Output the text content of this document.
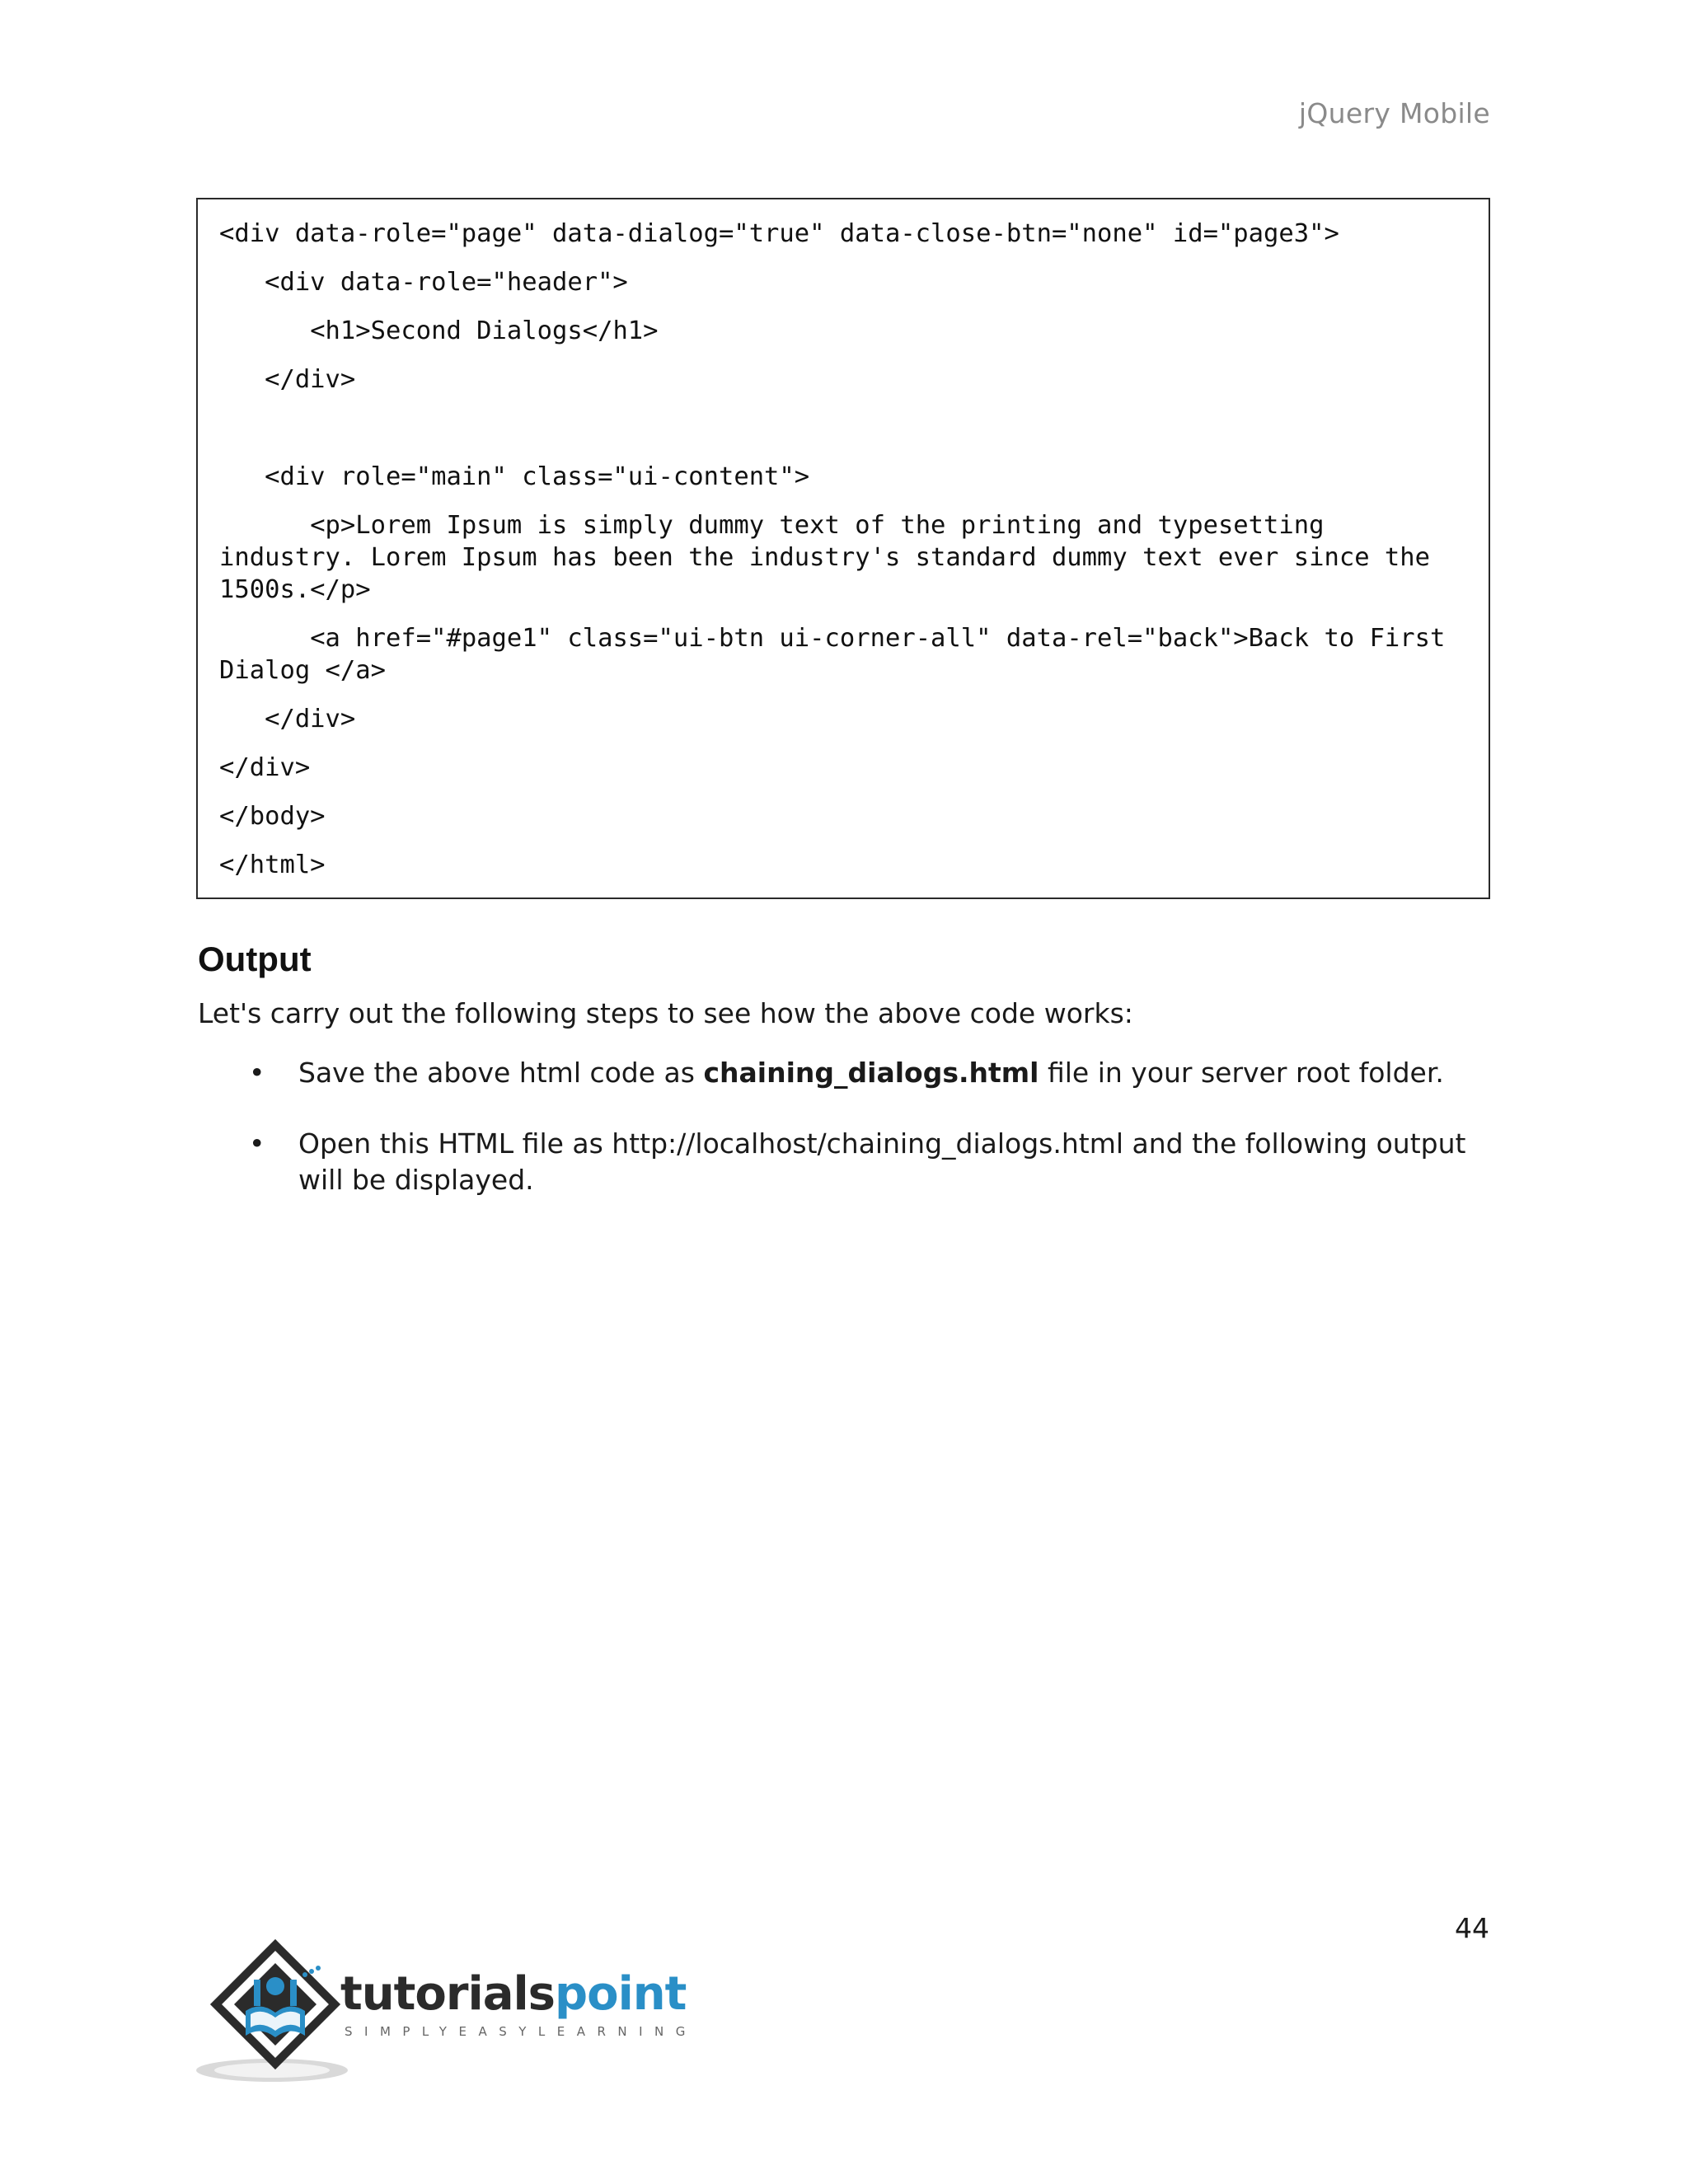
jQuery Mobile
<div data-role="page" data-dialog="true" data-close-btn="none" id="page3">
<div data-role="header">
<h1>Second Dialogs</h1>
</div>
<div role="main" class="ui-content">
<p>Lorem Ipsum is simply dummy text of the printing and typesetting
industry. Lorem Ipsum has been the industry's standard dummy text ever since the
1500s.</p>
<a href="#page1" class="ui-btn ui-corner-all" data-rel="back">Back to First
Dialog </a>
</div>
</div>
</body>
</html>
Output
Let's carry out the following steps to see how the above code works:
• Save the above html code as chaining_dialogs.html file in your server root folder.
• Open this HTML file as http://localhost/chaining_dialogs.html and the following output will be displayed.
44
tutorialspoint
SIMPLYEASYLEARNING
